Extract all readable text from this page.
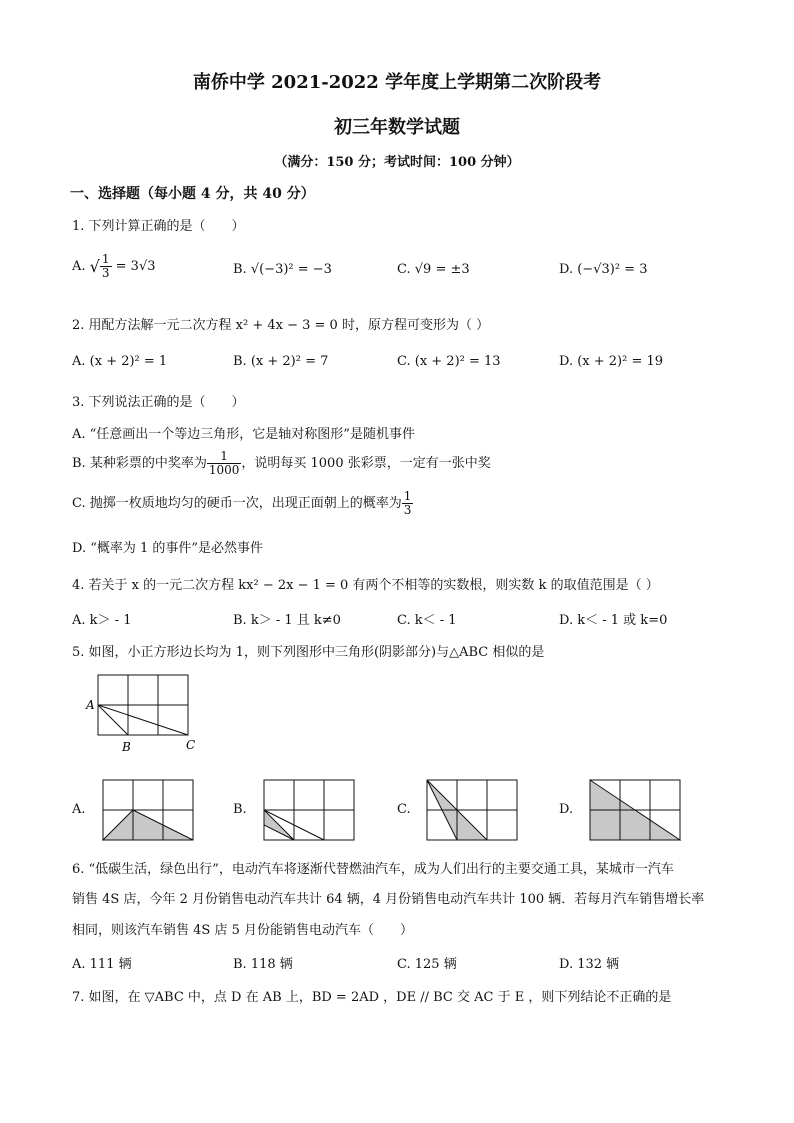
南侨中学 2021-2022 学年度上学期第二次阶段考
初三年数学试题
（满分：150 分；考试时间：100 分钟）
一、选择题（每小题 4 分，共 40 分）
1. 下列计算正确的是（　　）
A. √ $\frac{1}{3} = 3√3$	B. √(−3)² = −3	C. √9 = ±3	D. (−√3)² = 3
2. 用配方法解一元二次方程 x² + 4x − 3 = 0 时，原方程可变形为（ ）
A. (x + 2)² = 1	B. (x + 2)² = 7	C. (x + 2)² = 13	D. (x + 2)² = 19
3. 下列说法正确的是（　　）
A. “任意画出一个等边三角形，它是轴对称图形”是随机事件
B. 某种彩票的中奖率为 $\frac{1}{1000}$ ，说明每买 1000 张彩票，一定有一张中奖
C. 抛掷一枚质地均匀的硬币一次，出现正面朝上的概率为 $\frac{1}{3}$
D. “概率为 1 的事件”是必然事件
4. 若关于 x 的一元二次方程 kx² − 2x − 1 = 0 有两个不相等的实数根，则实数 k 的取值范围是（ ）
A. k＞ - 1	B. k＞ - 1 且 k≠0	C. k＜ - 1	D. k＜ - 1 或 k=0
5. 如图，小正方形边长均为 1，则下列图形中三角形(阴影部分)与△ABC 相似的是
A
B	C
A.	B.	C.	D.
6. “低碳生活，绿色出行”，电动汽车将逐渐代替燃油汽车，成为人们出行的主要交通工具，某城市一汽车
销售 4S 店，今年 2 月份销售电动汽车共计 64 辆，4 月份销售电动汽车共计 100 辆．若每月汽车销售增长率
相同，则该汽车销售 4S 店 5 月份能销售电动汽车（　　）
A. 111 辆	B. 118 辆	C. 125 辆	D. 132 辆
7. 如图，在 ▽ABC 中，点 D 在 AB 上，BD = 2AD ，DE // BC 交 AC 于 E ，则下列结论不正确的是
